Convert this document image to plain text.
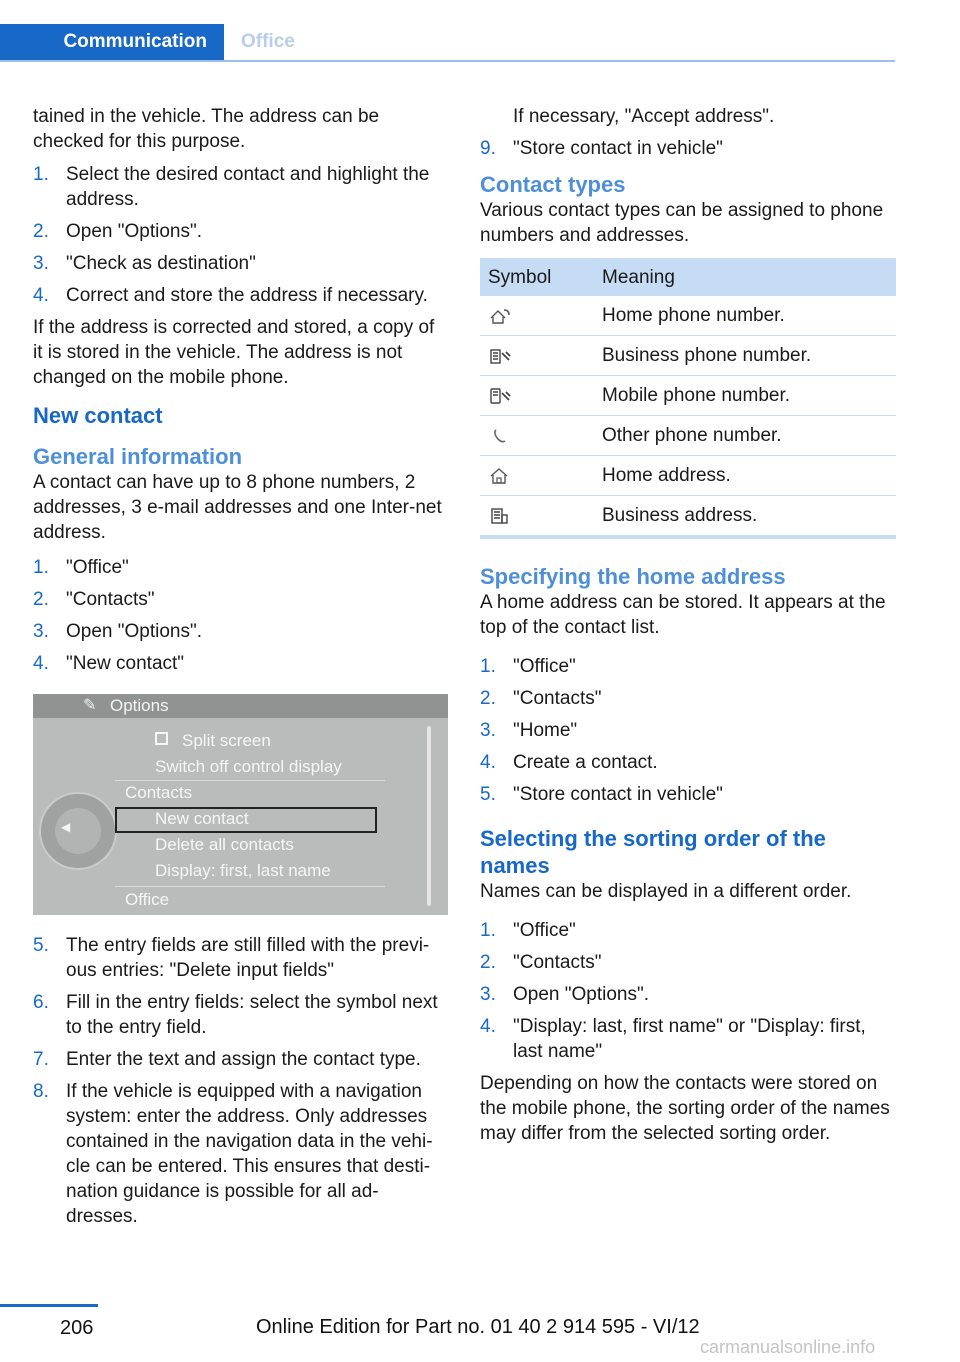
Communication	Office

tained in the vehicle. The address can be checked for this purpose.

1. Select the desired contact and highlight the address.
2. Open "Options".
3. "Check as destination"
4. Correct and store the address if necessary.

If the address is corrected and stored, a copy of it is stored in the vehicle. The address is not changed on the mobile phone.

New contact
General information

A contact can have up to 8 phone numbers, 2 addresses, 3 e-mail addresses and one Inter‐net address.

1. "Office"
2. "Contacts"
3. Open "Options".
4. "New contact"
✎ Options
◀
Split screen
Switch off control display
Contacts
New contact
Delete all contacts
Display: first, last name
Office
5. The entry fields are still filled with the previ‐ous entries: "Delete input fields"
6. Fill in the entry fields: select the symbol next to the entry field.
7. Enter the text and assign the contact type.
8. If the vehicle is equipped with a navigation system: enter the address. Only addresses contained in the navigation data in the vehi‐cle can be entered. This ensures that desti‐nation guidance is possible for all ad‐dresses.

If necessary, "Accept address".

9. "Store contact in vehicle"
Contact types

Various contact types can be assigned to phone numbers and addresses.

Symbol	Meaning
	Home phone number.
	Business phone number.
	Mobile phone number.
	Other phone number.
	Home address.
	Business address.
Specifying the home address

A home address can be stored. It appears at the top of the contact list.

1. "Office"
2. "Contacts"
3. "Home"
4. Create a contact.
5. "Store contact in vehicle"
Selecting the sorting order of the names

Names can be displayed in a different order.

1. "Office"
2. "Contacts"
3. Open "Options".
4. "Display: last, first name" or "Display: first, last name"

Depending on how the contacts were stored on the mobile phone, the sorting order of the names may differ from the selected sorting order.

206	Online Edition for Part no. 01 40 2 914 595 - VI/12
carmanualsonline.info
